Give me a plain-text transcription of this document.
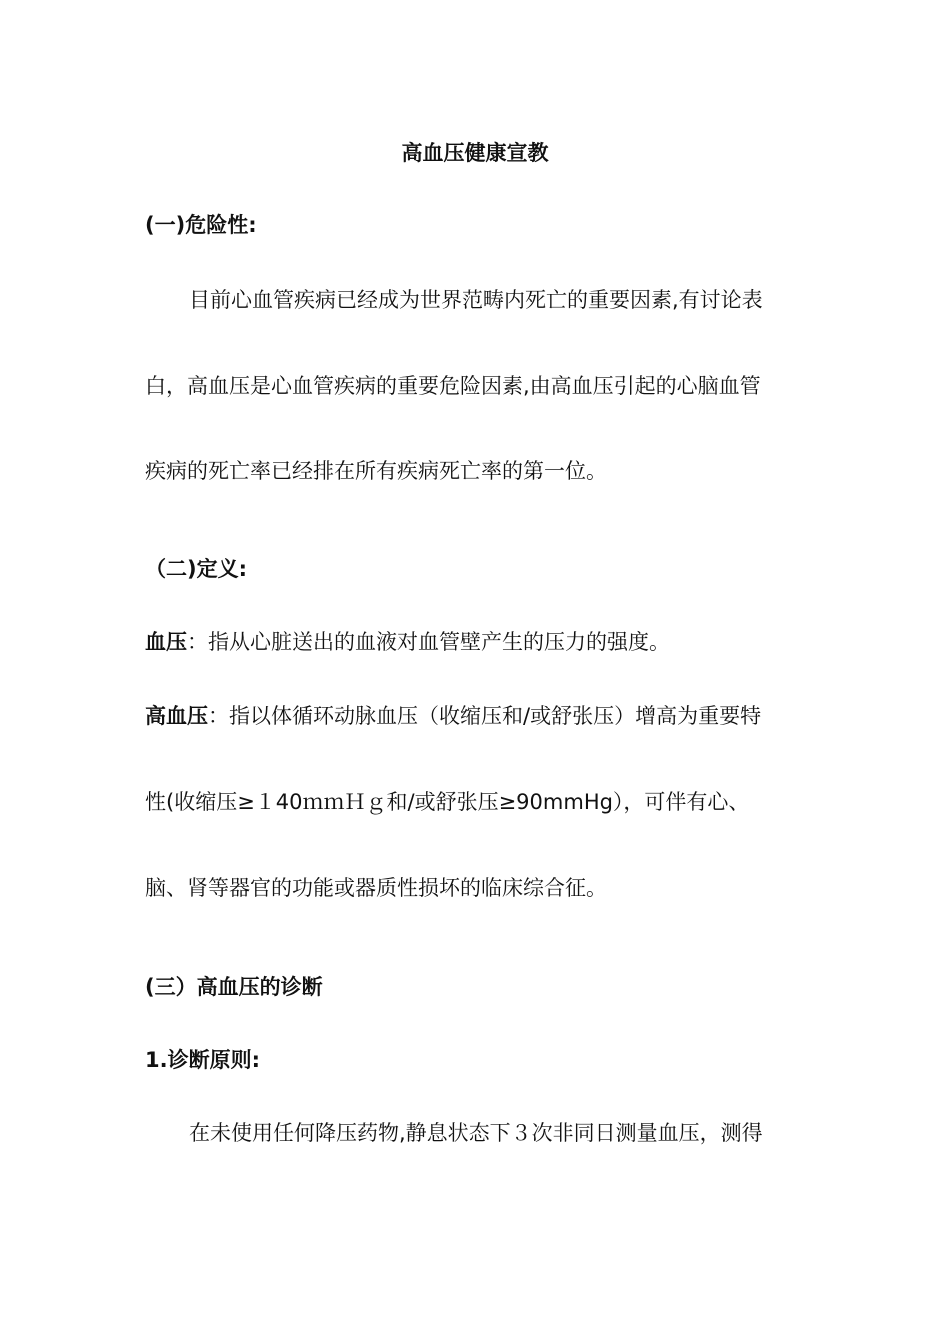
高血压健康宣教

(一)危险性:

目前心血管疾病已经成为世界范畴内死亡的重要因素,有讨论表

白，高血压是心血管疾病的重要危险因素,由高血压引起的心脑血管

疾病的死亡率已经排在所有疾病死亡率的第一位。

（二)定义:

血压：指从心脏送出的血液对血管壁产生的压力的强度。

高血压：指以体循环动脉血压（收缩压和/或舒张压）增高为重要特

性(收缩压≥１40ｍｍＨｇ和/或舒张压≥90mmHg），可伴有心、

脑、肾等器官的功能或器质性损坏的临床综合征。

(三）高血压的诊断

1.诊断原则:

在未使用任何降压药物,静息状态下３次非同日测量血压，测得
